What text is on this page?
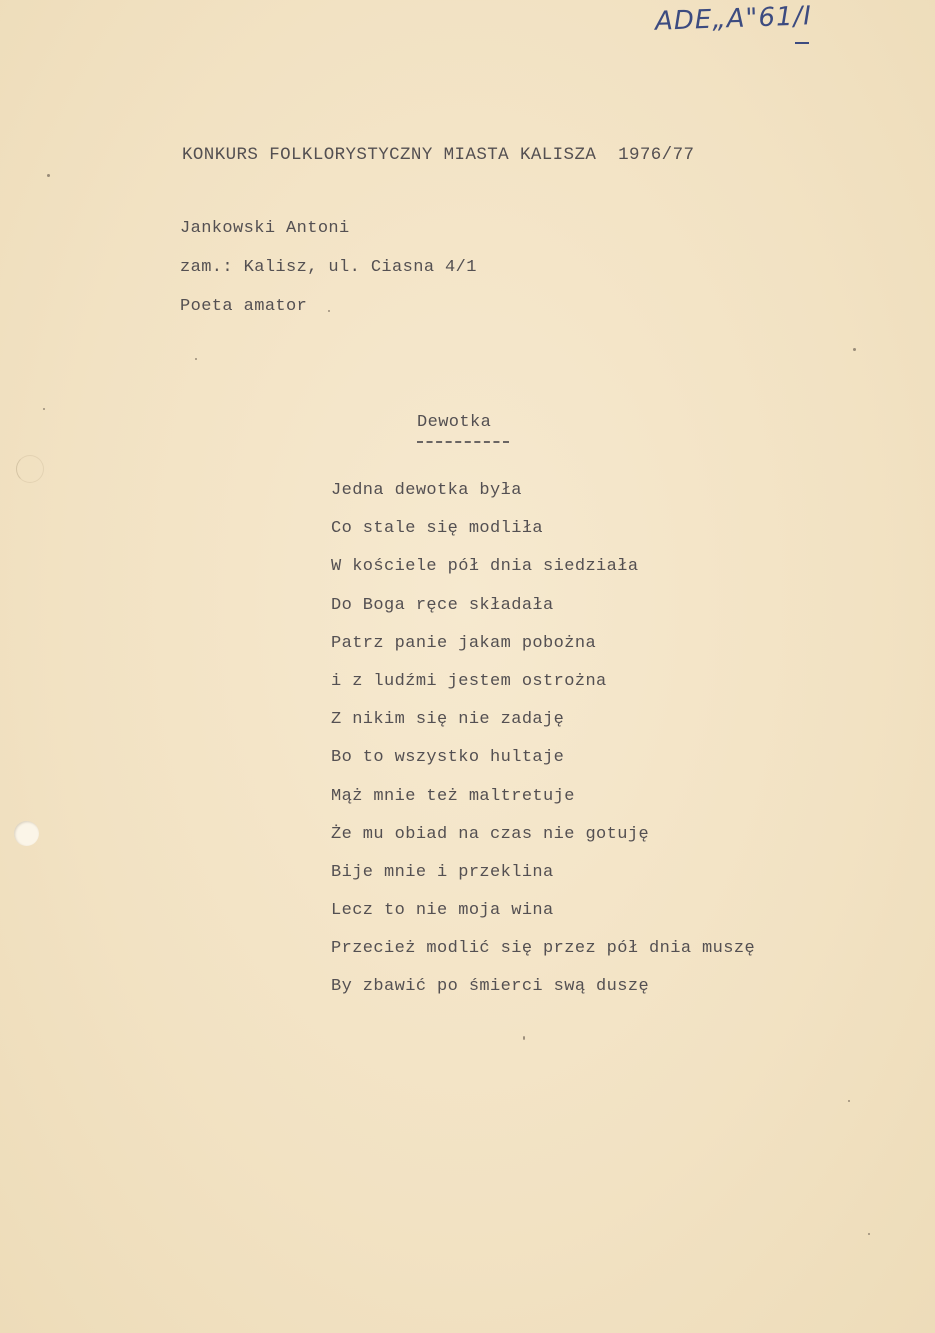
ADE„A"61/I
KONKURS FOLKLORYSTYCZNY MIASTA KALISZA  1976/77
Jankowski Antoni
zam.: Kalisz, ul. Ciasna 4/1
Poeta amator
Dewotka
Jedna dewotka była
Co stale się modliła
W kościele pół dnia siedziała
Do Boga ręce składała
Patrz panie jakam pobożna
i z ludźmi jestem ostrożna
Z nikim się nie zadaję
Bo to wszystko hultaje
Mąż mnie też maltretuje
Że mu obiad na czas nie gotuję
Bije mnie i przeklina
Lecz to nie moja wina
Przecież modlić się przez pół dnia muszę
By zbawić po śmierci swą duszę
